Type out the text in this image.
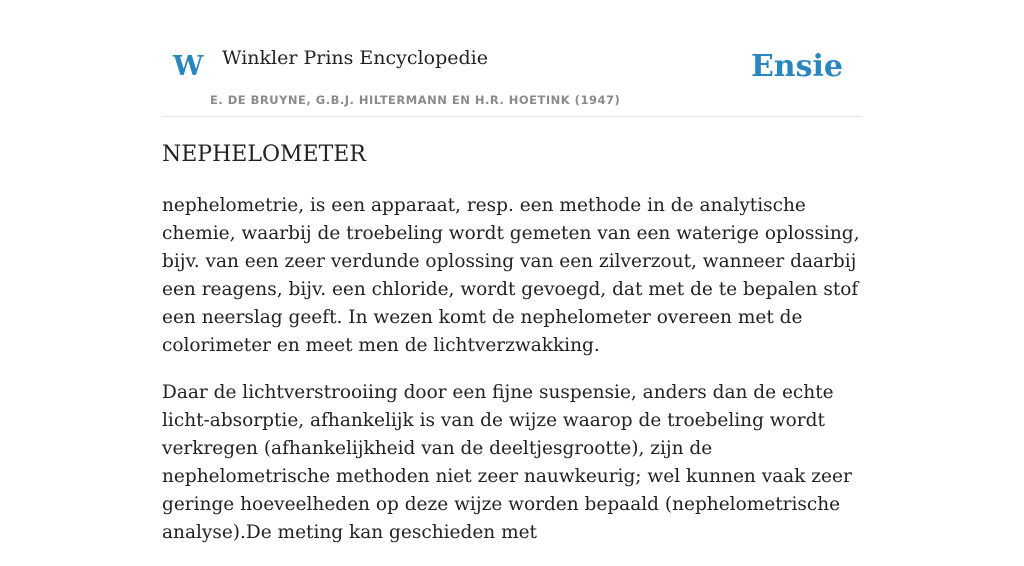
W Winkler Prins Encyclopedie
E. DE BRUYNE, G.B.J. HILTERMANN EN H.R. HOETINK (1947)
Ensie
NEPHELOMETER

nephelometrie, is een apparaat, resp. een methode in de analytische chemie, waarbij de troebeling wordt gemeten van een waterige oplossing, bijv. van een zeer verdunde oplossing van een zilverzout, wanneer daarbij een reagens, bijv. een chloride, wordt gevoegd, dat met de te bepalen stof een neerslag geeft. In wezen komt de nephelometer overeen met de colorimeter en meet men de lichtverzwakking.

Daar de lichtverstrooiing door een fijne suspensie, anders dan de echte licht-absorptie, afhankelijk is van de wijze waarop de troebeling wordt verkregen (afhankelijkheid van de deeltjesgrootte), zijn de nephelometrische methoden niet zeer nauwkeurig; wel kunnen vaak zeer geringe hoeveelheden op deze wijze worden bepaald (nephelometrische analyse).De meting kan geschieden met
